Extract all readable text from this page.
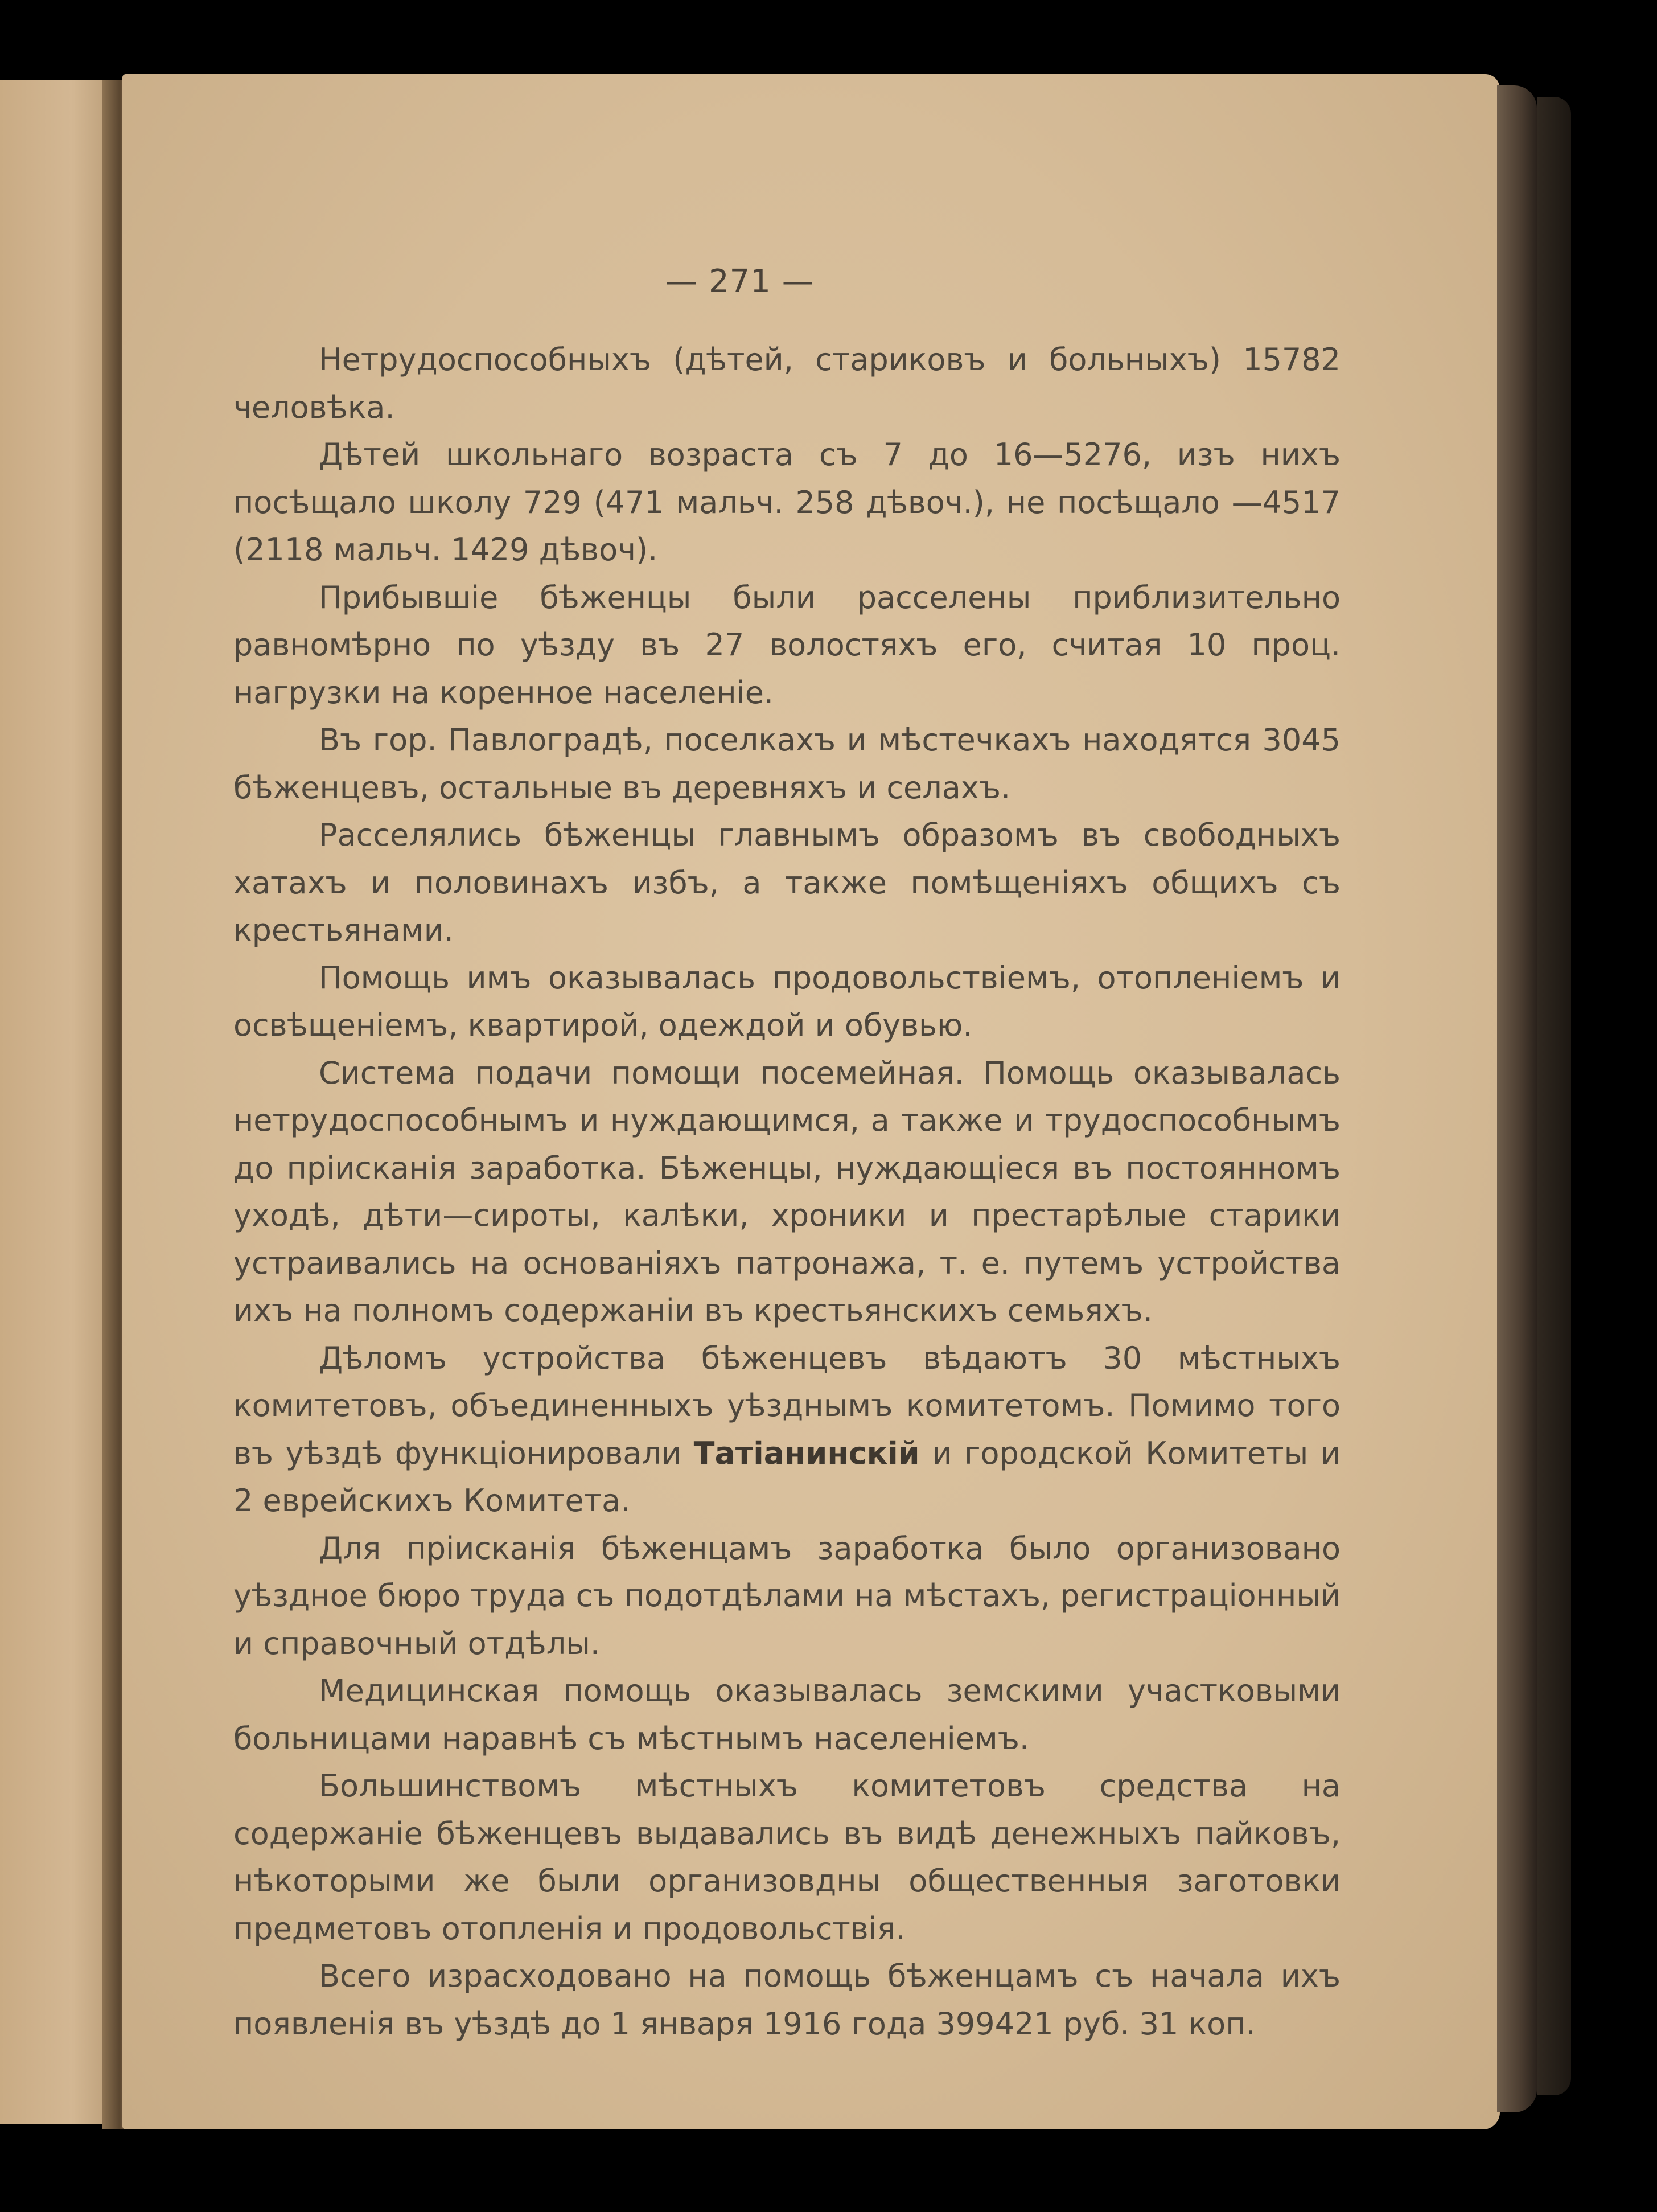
— 271 —

Нетрудоспособныхъ (дѣтей, стариковъ и больныхъ) 15782 человѣка.

Дѣтей школьнаго возраста съ 7 до 16—5276, изъ нихъ посѣщало школу 729 (471 мальч. 258 дѣвоч.), не посѣщало —4517 (2118 мальч. 1429 дѣвоч).

Прибывшіе бѣженцы были расселены приблизительно равномѣрно по уѣзду въ 27 волостяхъ его, считая 10 проц. нагрузки на коренное населеніе.

Въ гор. Павлоградѣ, поселкахъ и мѣстечкахъ находятся 3045 бѣженцевъ, остальные въ деревняхъ и селахъ.

Расселялись бѣженцы главнымъ образомъ въ свободныхъ хатахъ и половинахъ избъ, а также помѣщеніяхъ общихъ съ крестьянами.

Помощь имъ оказывалась продовольствіемъ, отопленіемъ и освѣщеніемъ, квартирой, одеждой и обувью.

Система подачи помощи посемейная. Помощь оказывалась нетрудоспособнымъ и нуждающимся, а также и трудоспособнымъ до пріисканія заработка. Бѣженцы, нуждающіеся въ постоянномъ уходѣ, дѣти—сироты, калѣки, хроники и престарѣлые старики устраивались на основаніяхъ патронажа, т. е. путемъ устройства ихъ на полномъ содержаніи въ крестьянскихъ семьяхъ.

Дѣломъ устройства бѣженцевъ вѣдаютъ 30 мѣстныхъ комитетовъ, объединенныхъ уѣзднымъ комитетомъ. Помимо того въ уѣздѣ функціонировали Татіанинскій и городской Комитеты и 2 еврейскихъ Комитета.

Для пріисканія бѣженцамъ заработка было организовано уѣздное бюро труда съ подотдѣлами на мѣстахъ, регистраціонный и справочный отдѣлы.

Медицинская помощь оказывалась земскими участковыми больницами наравнѣ съ мѣстнымъ населеніемъ.

Большинствомъ мѣстныхъ комитетовъ средства на содержаніе бѣженцевъ выдавались въ видѣ денежныхъ пайковъ, нѣкоторыми же были организовдны общественныя заготовки предметовъ отопленія и продовольствія.

Всего израсходовано на помощь бѣженцамъ съ начала ихъ появленія въ уѣздѣ до 1 января 1916 года 399421 руб. 31 коп.
